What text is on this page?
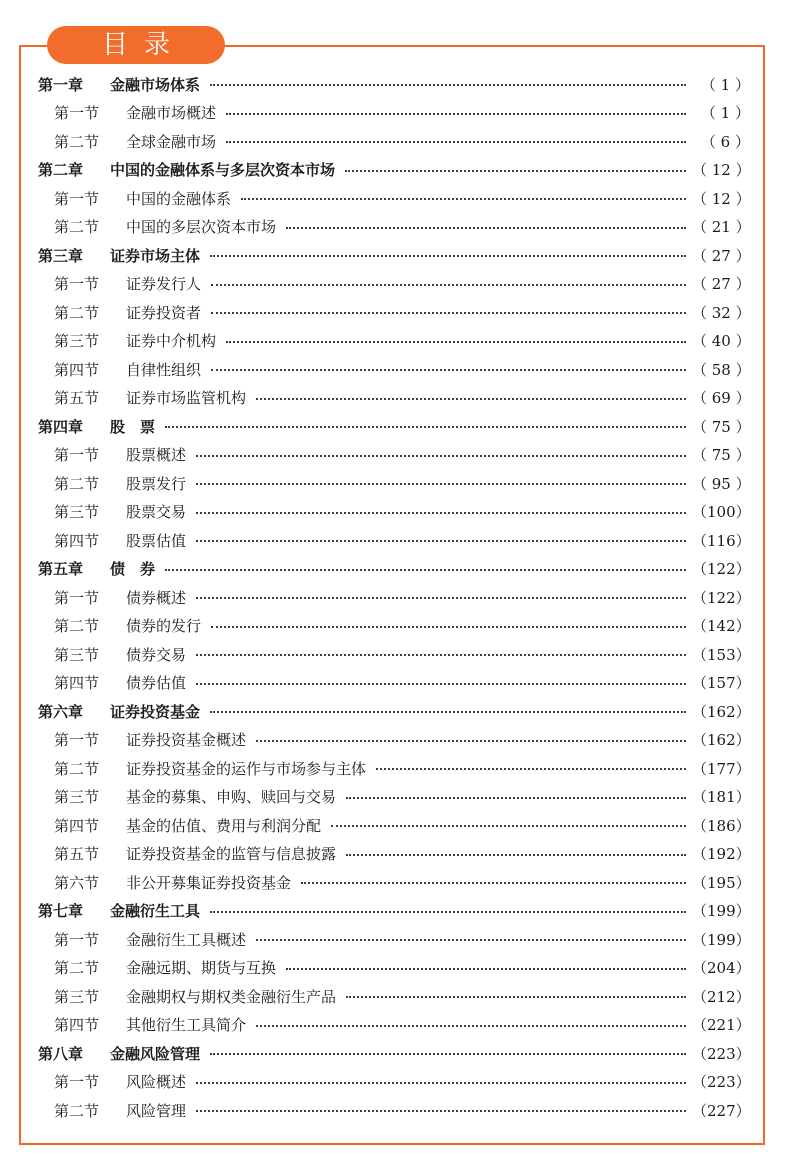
目录
第一章	金融市场体系	（ 1 ）
第一节	金融市场概述	（ 1 ）
第二节	全球金融市场	（ 6 ）
第二章	中国的金融体系与多层次资本市场	（ 12 ）
第一节	中国的金融体系	（ 12 ）
第二节	中国的多层次资本市场	（ 21 ）
第三章	证券市场主体	（ 27 ）
第一节	证券发行人	（ 27 ）
第二节	证券投资者	（ 32 ）
第三节	证券中介机构	（ 40 ）
第四节	自律性组织	（ 58 ）
第五节	证券市场监管机构	（ 69 ）
第四章	股　票	（ 75 ）
第一节	股票概述	（ 75 ）
第二节	股票发行	（ 95 ）
第三节	股票交易	（100）
第四节	股票估值	（116）
第五章	债　券	（122）
第一节	债券概述	（122）
第二节	债券的发行	（142）
第三节	债券交易	（153）
第四节	债券估值	（157）
第六章	证券投资基金	（162）
第一节	证券投资基金概述	（162）
第二节	证券投资基金的运作与市场参与主体	（177）
第三节	基金的募集、申购、赎回与交易	（181）
第四节	基金的估值、费用与利润分配	（186）
第五节	证券投资基金的监管与信息披露	（192）
第六节	非公开募集证券投资基金	（195）
第七章	金融衍生工具	（199）
第一节	金融衍生工具概述	（199）
第二节	金融远期、期货与互换	（204）
第三节	金融期权与期权类金融衍生产品	（212）
第四节	其他衍生工具简介	（221）
第八章	金融风险管理	（223）
第一节	风险概述	（223）
第二节	风险管理	（227）
